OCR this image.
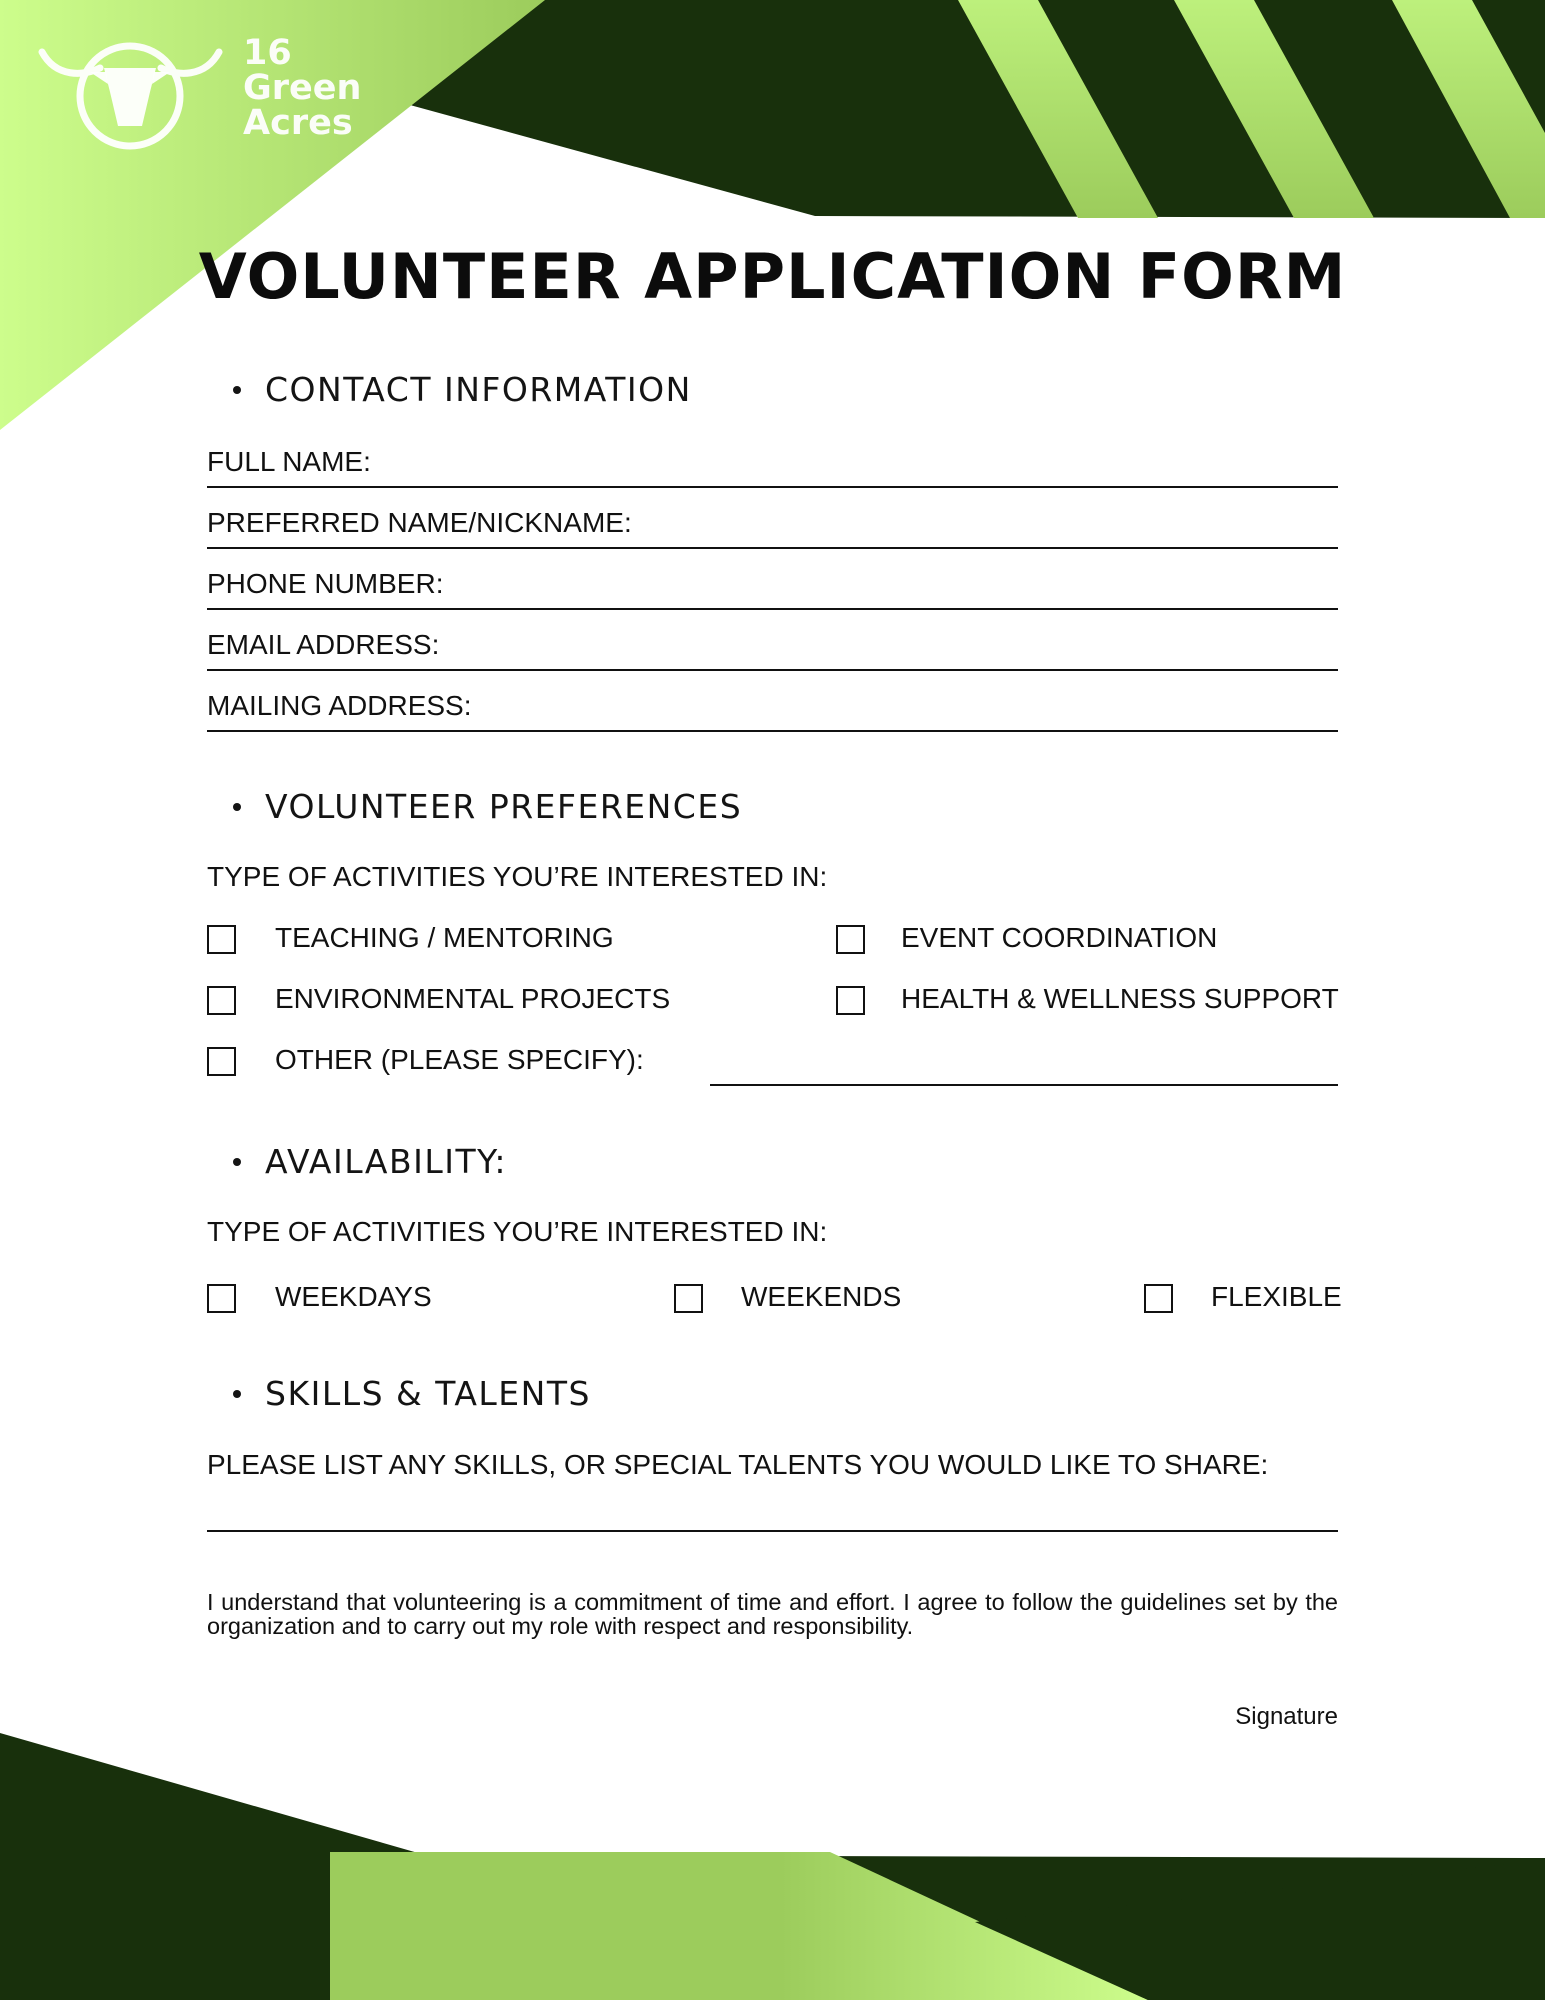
16
Green
Acres
VOLUNTEER APPLICATION FORM
CONTACT INFORMATION
FULL NAME:
PREFERRED NAME/NICKNAME:
PHONE NUMBER:
EMAIL ADDRESS:
MAILING ADDRESS:
VOLUNTEER PREFERENCES
TYPE OF ACTIVITIES YOU’RE INTERESTED IN:
TEACHING / MENTORING	EVENT COORDINATION
ENVIRONMENTAL PROJECTS	HEALTH & WELLNESS SUPPORT
OTHER (PLEASE SPECIFY):
AVAILABILITY:
TYPE OF ACTIVITIES YOU’RE INTERESTED IN:
WEEKDAYS	WEEKENDS	FLEXIBLE
SKILLS & TALENTS
PLEASE LIST ANY SKILLS, OR SPECIAL TALENTS YOU WOULD LIKE TO SHARE:
I understand that volunteering is a commitment of time and effort. I agree to follow the guidelines set by the organization and to carry out my role with respect and responsibility.
Signature
